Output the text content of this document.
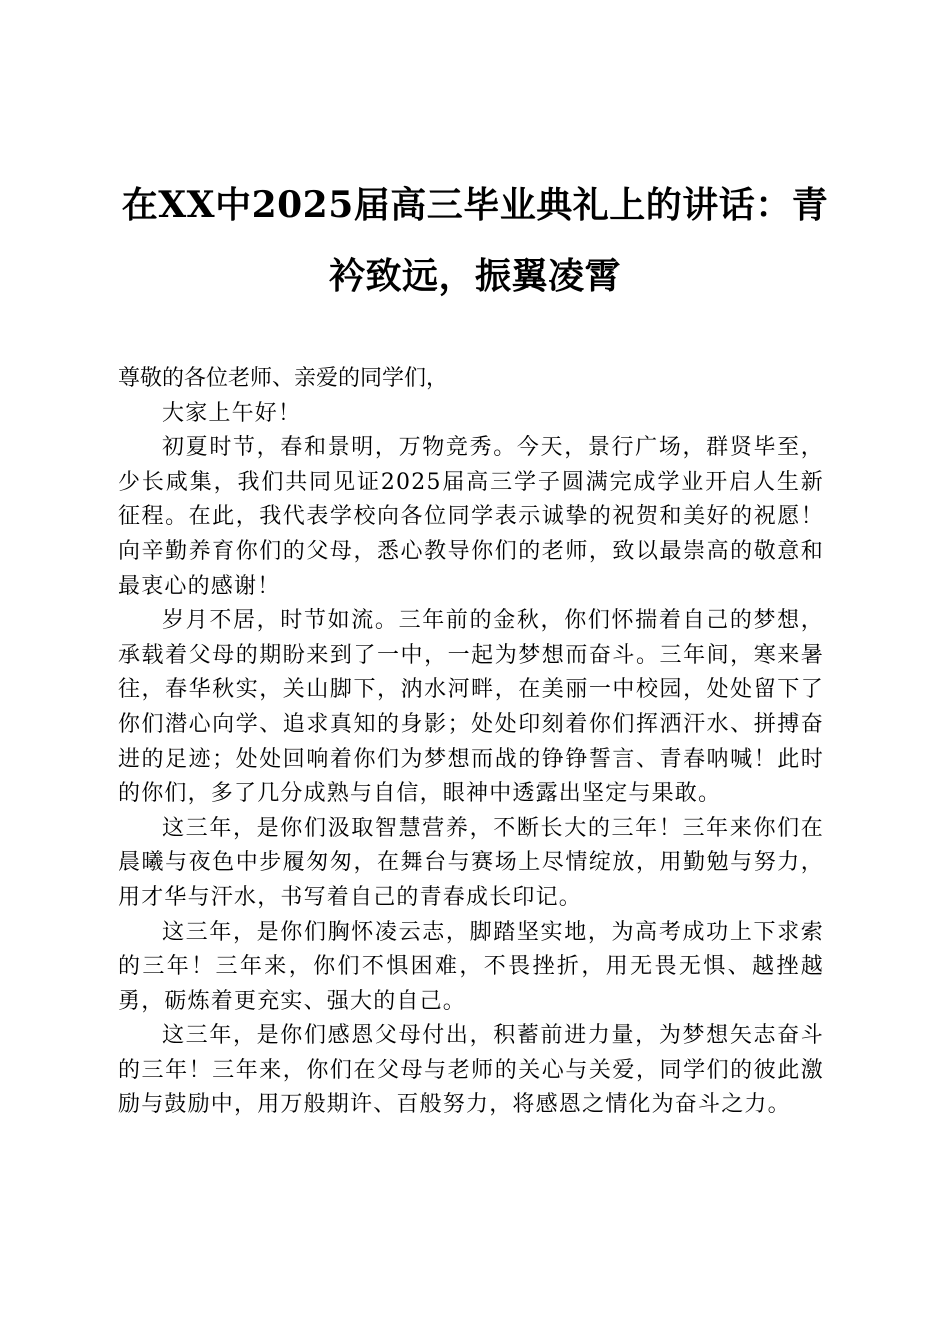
在XX中2025届高三毕业典礼上的讲话：青
衿致远，振翼凌霄

尊敬的各位老师、亲爱的同学们，

大家上午好！

初夏时节，春和景明，万物竞秀。今天，景行广场，群贤毕至，少长咸集，我们共同见证2025届高三学子圆满完成学业开启人生新征程。在此，我代表学校向各位同学表示诚挚的祝贺和美好的祝愿！向辛勤养育你们的父母，悉心教导你们的老师，致以最崇高的敬意和最衷心的感谢！

岁月不居，时节如流。三年前的金秋，你们怀揣着自己的梦想，承载着父母的期盼来到了一中，一起为梦想而奋斗。三年间，寒来暑往，春华秋实，关山脚下，汭水河畔，在美丽一中校园，处处留下了你们潜心向学、追求真知的身影；处处印刻着你们挥洒汗水、拼搏奋进的足迹；处处回响着你们为梦想而战的铮铮誓言、青春呐喊！此时的你们，多了几分成熟与自信，眼神中透露出坚定与果敢。

这三年，是你们汲取智慧营养，不断长大的三年！三年来你们在晨曦与夜色中步履匆匆，在舞台与赛场上尽情绽放，用勤勉与努力，用才华与汗水，书写着自己的青春成长印记。

这三年，是你们胸怀凌云志，脚踏坚实地，为高考成功上下求索的三年！三年来，你们不惧困难，不畏挫折，用无畏无惧、越挫越勇，砺炼着更充实、强大的自己。

这三年，是你们感恩父母付出，积蓄前进力量，为梦想矢志奋斗的三年！三年来，你们在父母与老师的关心与关爱，同学们的彼此激励与鼓励中，用万般期许、百般努力，将感恩之情化为奋斗之力。
